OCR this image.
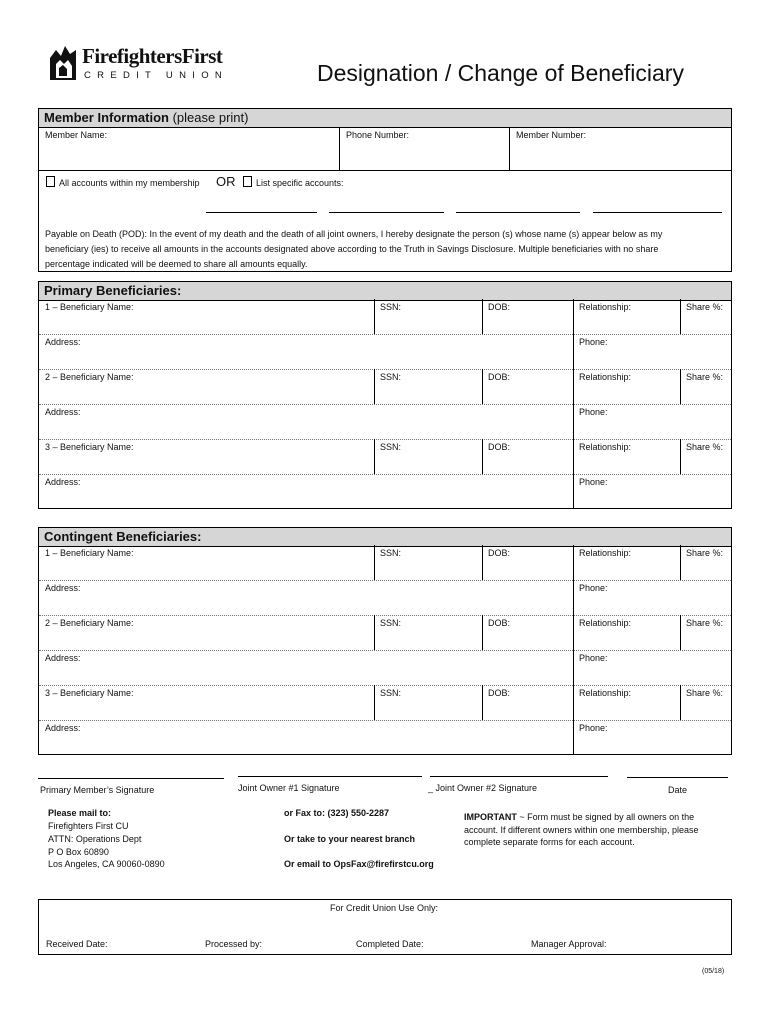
FirefightersFirst
CREDIT UNION	Designation / Change of Beneficiary
Member Information (please print)
Member Name:	Phone Number:	Member Number:
All accounts within my membership OR List specific accounts:
Payable on Death (POD): In the event of my death and the death of all joint owners, I hereby designate the person (s) whose name (s) appear below as my
beneficiary (ies) to receive all amounts in the accounts designated above according to the Truth in Savings Disclosure. Multiple beneficiaries with no share
percentage indicated will be deemed to share all amounts equally.
Primary Beneficiaries:
1 – Beneficiary Name:	SSN:	DOB:	Relationship:	Share %:
Address:	Phone:
2 – Beneficiary Name:	SSN:	DOB:	Relationship:	Share %:
Address:	Phone:
3 – Beneficiary Name:	SSN:	DOB:	Relationship:	Share %:
Address:	Phone:
Contingent Beneficiaries:
1 – Beneficiary Name:	SSN:	DOB:	Relationship:	Share %:
Address:	Phone:
2 – Beneficiary Name:	SSN:	DOB:	Relationship:	Share %:
Address:	Phone:
3 – Beneficiary Name:	SSN:	DOB:	Relationship:	Share %:
Address:	Phone:
Primary Member’s Signature	Joint Owner #1 Signature	_ Joint Owner #2 Signature	Date
Please mail to:
Firefighters First CU
ATTN: Operations Dept
P O Box 60890
Los Angeles, CA 90060-0890
or Fax to: (323) 550-2287
Or take to your nearest branch
Or email to OpsFax@firefirstcu.org
IMPORTANT ~ Form must be signed by all owners on the
account. If different owners within one membership, please
complete separate forms for each account.
For Credit Union Use Only:
Received Date:	Processed by:	Completed Date:	Manager Approval:
(05/18)
